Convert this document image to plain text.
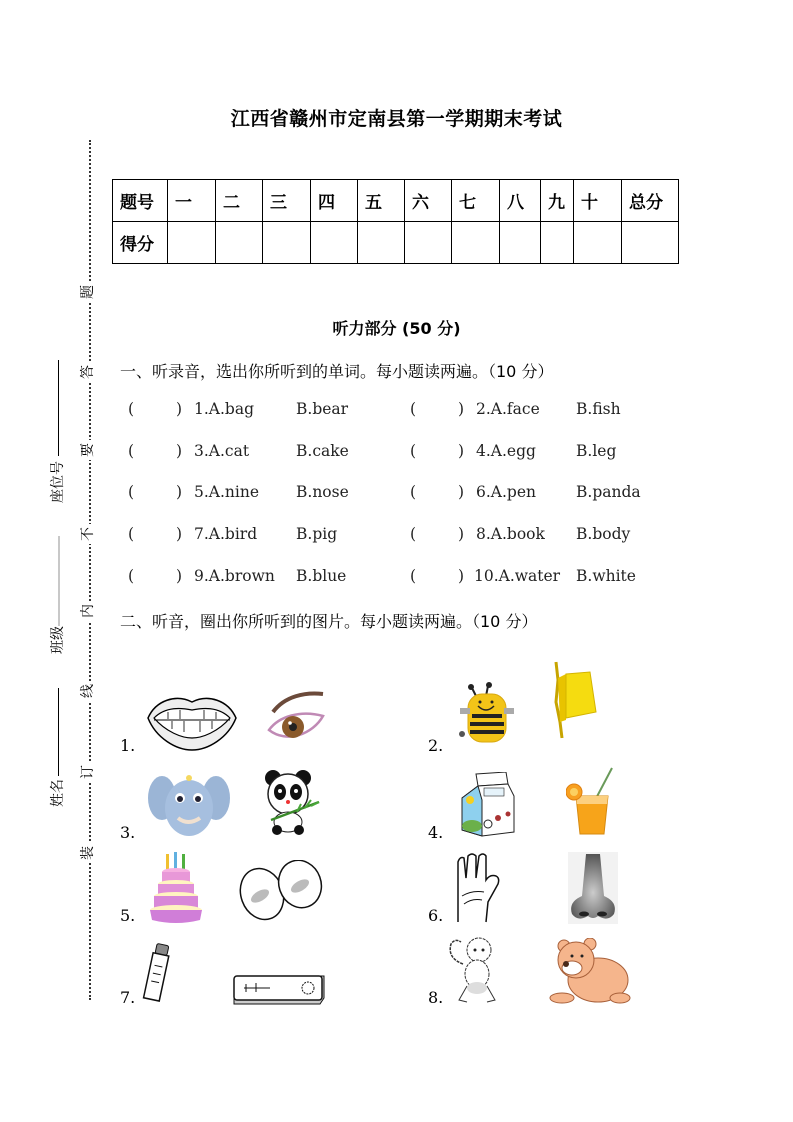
江西省赣州市定南县第一学期期末考试
题
答
要
不
内
线
订
装
座位号
班级
姓名
题号	一	二	三	四	五	六	七	八	九	十	总分
得分											
听力部分 (50 分)
一、听录音，选出你所听到的单词。每小题读两遍。（10 分）
(	) 1.A.bag	B.bear	(	) 2.A.face B.fish
(	) 3.A.cat	B.cake	(	) 4.A.egg	B.leg
(	) 5.A.nine B.nose	(	) 6.A.pen	B.panda
(	) 7.A.bird	B.pig	(	) 8.A.book B.body
(	) 9.A.brown B.blue	(	) 10.A.water B.white
二、听音，圈出你所听到的图片。每小题读两遍。（10 分）
1.	2.
3.	4.
5.	6.
7.	8.
